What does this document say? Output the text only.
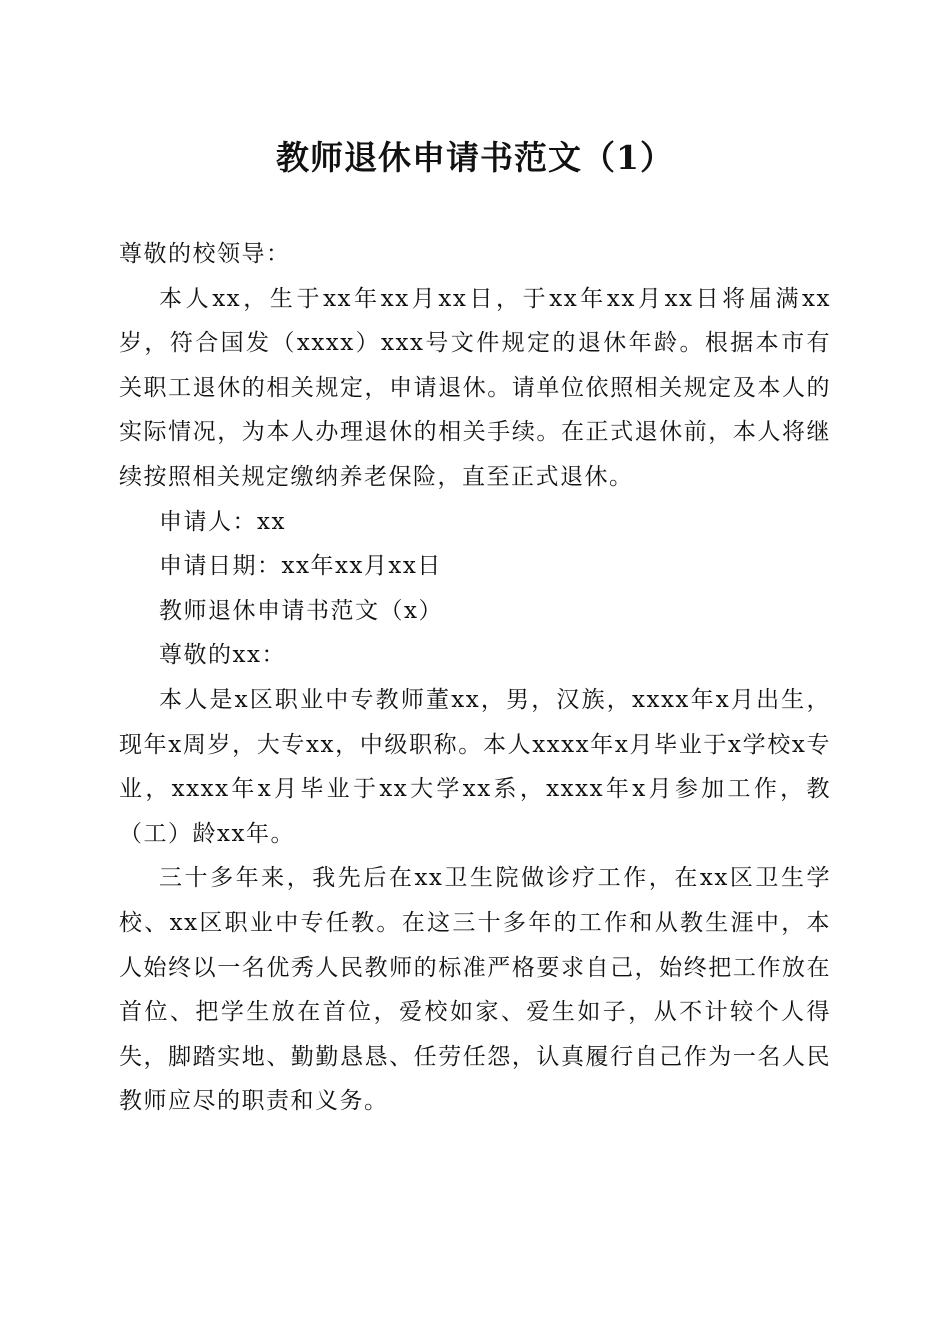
教师退休申请书范文（1）

尊敬的校领导：

本人xx，生于xx年xx月xx日，于xx年xx月xx日将届满xx岁，符合国发（xxxx）xxx号文件规定的退休年龄。根据本市有关职工退休的相关规定，申请退休。请单位依照相关规定及本人的实际情况，为本人办理退休的相关手续。在正式退休前，本人将继续按照相关规定缴纳养老保险，直至正式退休。

申请人：xx

申请日期：xx年xx月xx日

教师退休申请书范文（x）

尊敬的xx：

本人是x区职业中专教师董xx，男，汉族，xxxx年x月出生，现年x周岁，大专xx，中级职称。本人xxxx年x月毕业于x学校x专业，xxxx年x月毕业于xx大学xx系，xxxx年x月参加工作，教（工）龄xx年。

三十多年来，我先后在xx卫生院做诊疗工作，在xx区卫生学校、xx区职业中专任教。在这三十多年的工作和从教生涯中，本人始终以一名优秀人民教师的标准严格要求自己，始终把工作放在首位、把学生放在首位，爱校如家、爱生如子，从不计较个人得失，脚踏实地、勤勤恳恳、任劳任怨，认真履行自己作为一名人民教师应尽的职责和义务。
